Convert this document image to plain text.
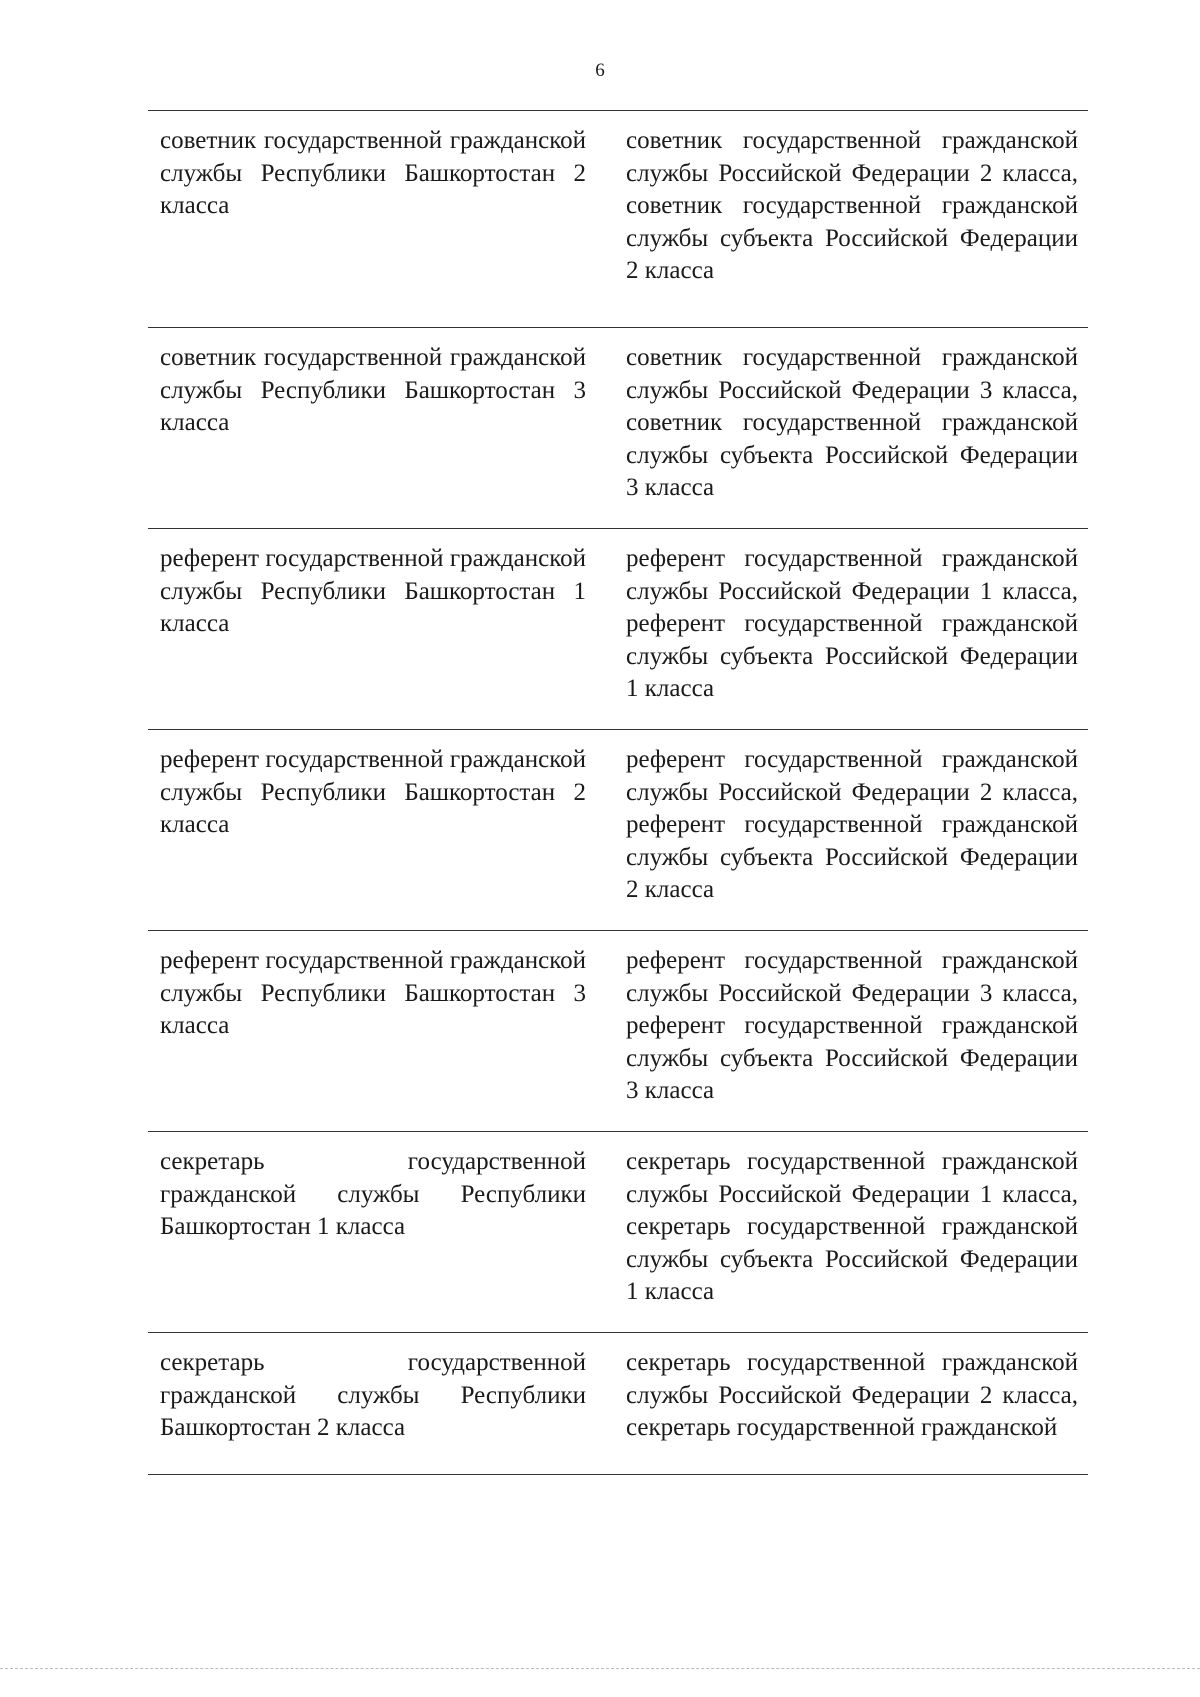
6
советник государственной гражданской службы Республики Башкортостан 2 класса
советник государственной гражданской службы Российской Федерации 2 класса, советник государственной гражданской службы субъекта Российской Федерации 2 класса
советник государственной гражданской службы Республики Башкортостан 3 класса
советник государственной гражданской службы Российской Федерации 3 класса, советник государственной гражданской службы субъекта Российской Федерации 3 класса
референт государственной гражданской службы Республики Башкортостан 1 класса
референт государственной гражданской службы Российской Федерации 1 класса, референт государственной гражданской службы субъекта Российской Федерации 1 класса
референт государственной гражданской службы Республики Башкортостан 2 класса
референт государственной гражданской службы Российской Федерации 2 класса, референт государственной гражданской службы субъекта Российской Федерации 2 класса
референт государственной гражданской службы Республики Башкортостан 3 класса
референт государственной гражданской службы Российской Федерации 3 класса, референт государственной гражданской службы субъекта Российской Федерации 3 класса
секретарь государственной гражданской службы Республики Башкортостан 1 класса
секретарь государственной гражданской службы Российской Федерации 1 класса, секретарь государственной гражданской службы субъекта Российской Федерации 1 класса
секретарь государственной гражданской службы Республики Башкортостан 2 класса
секретарь государственной гражданской службы Российской Федерации 2 класса, секретарь государственной гражданской
